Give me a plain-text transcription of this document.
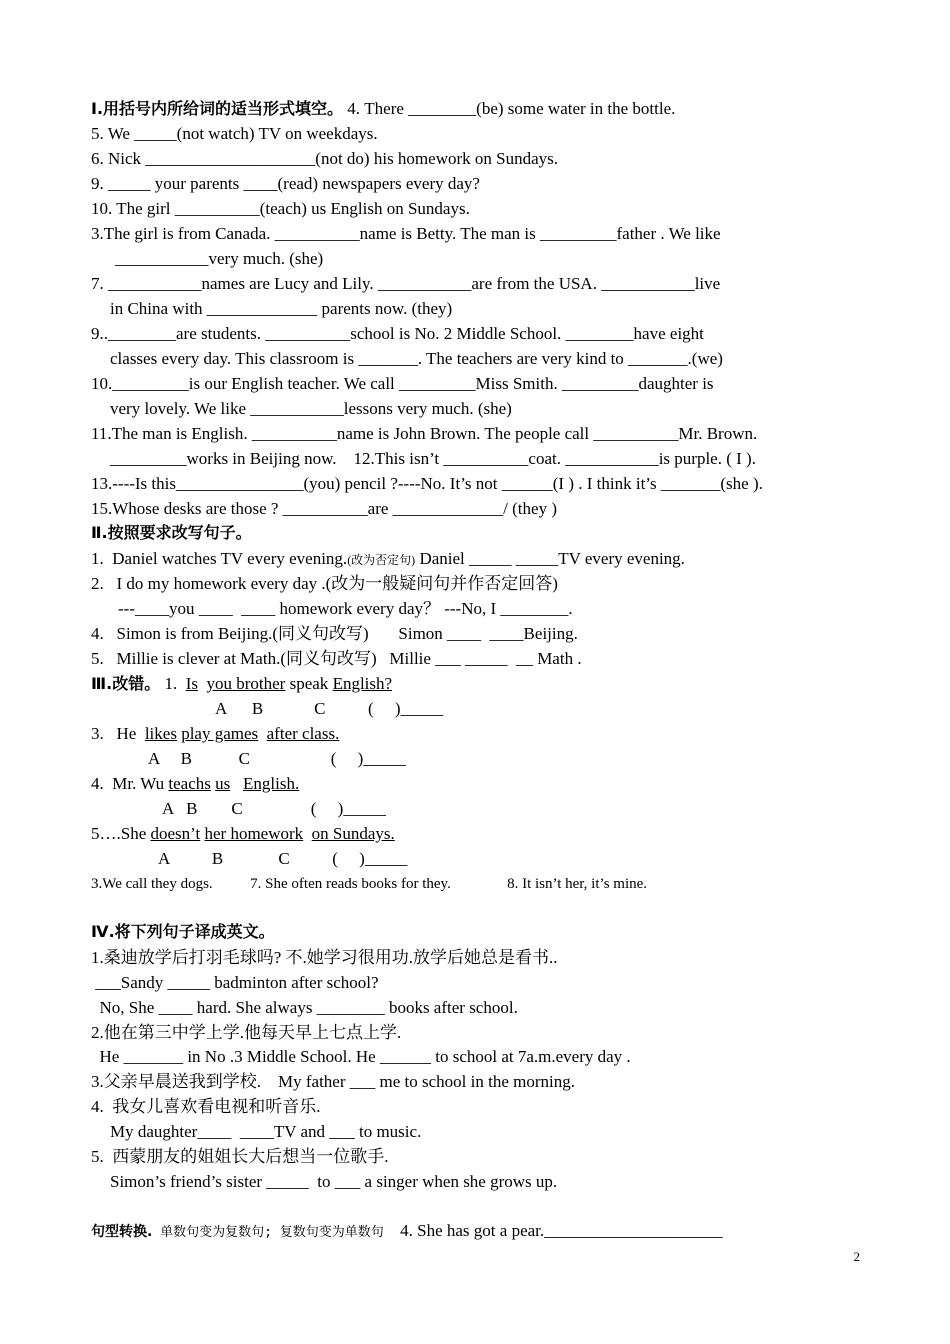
Ⅰ.用括号内所给词的适当形式填空。 4. There ________(be) some water in the bottle.
5. We _____(not watch) TV on weekdays.
6. Nick ____________________(not do) his homework on Sundays.
9. _____ your parents ____(read) newspapers every day?
10. The girl __________(teach) us English on Sundays.
3.The girl is from Canada. __________name is Betty. The man is _________father . We like
___________very much. (she)
7. ___________names are Lucy and Lily. ___________are from the USA. ___________live
in China with _____________ parents now. (they)
9..________are students. __________school is No. 2 Middle School. ________have eight
classes every day. This classroom is _______. The teachers are very kind to _______.(we)
10._________is our English teacher. We call _________Miss Smith. _________daughter is
very lovely. We like ___________lessons very much. (she)
11.The man is English. __________name is John Brown. The people call __________Mr. Brown.
_________works in Beijing now.    12.This isn’t __________coat. ___________is purple. ( I ).
13.----Is this_______________(you) pencil ?----No. It’s not ______(I ) . I think it’s _______(she ).
15.Whose desks are those ? __________are _____________/ (they )
Ⅱ.按照要求改写句子。
1.  Daniel watches TV every evening.(改为否定句) Daniel _____ _____TV every evening.
2.   I do my homework every day .(改为一般疑问句并作否定回答)
---____you ____  ____ homework every day？ ---No, I ________.
4.   Simon is from Beijing.(同义句改写)       Simon ____  ____Beijing.
5.   Millie is clever at Math.(同义句改写)   Millie ___ _____  __ Math .
Ⅲ.改错。 1.  Is you brother speak English?
A      B            C          (     )_____
3.   He  likes play games after class.
A     B           C                   (     )_____
4.  Mr. Wu teachs us English.
A   B        C                (     )_____
5….She doesn’t her homework on Sundays.
A          B             C          (     )_____
3.We call they dogs.          7. She often reads books for they.               8. It isn’t her, it’s mine.
Ⅳ.将下列句子译成英文。
1.桑迪放学后打羽毛球吗? 不.她学习很用功.放学后她总是看书..
___Sandy _____ badminton after school?
No, She ____ hard. She always ________ books after school.
2.他在第三中学上学.他每天早上七点上学.
He _______ in No .3 Middle School. He ______ to school at 7a.m.every day .
3.父亲早晨送我到学校.    My father ___ me to school in the morning.
4.  我女儿喜欢看电视和听音乐.
My daughter____  ____TV and ___ to music.
5.  西蒙朋友的姐姐长大后想当一位歌手.
Simon’s friend’s sister _____  to ___ a singer when she grows up.
句型转换. 单数句变为复数句; 复数句变为单数句   4. She has got a pear._____________________
2
